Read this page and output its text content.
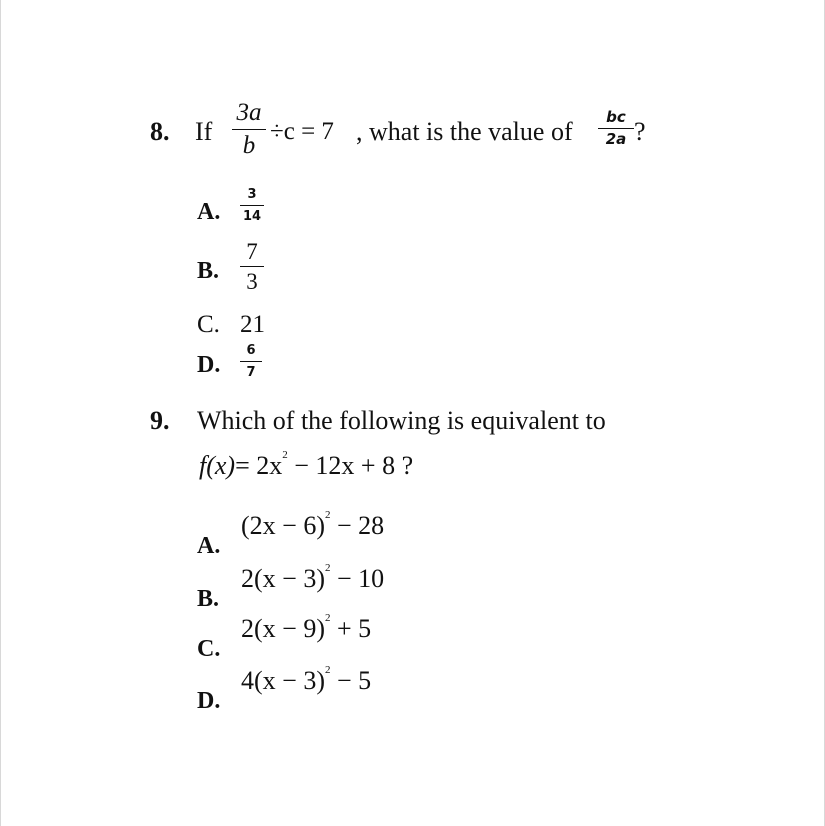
8. If
3a
b
÷c = 7 , what is the value of	bc
2a ?
A.
3
14
B.
7
3
C. 21
D.
6
7
9. Which of the following is equivalent to
$f(x)= 2x^2 - 12x + 8$ ?
A.
$(2x - 6)^2 - 28$
B.
$2(x - 3)^2 - 10$
C.
$2(x - 9)^2 + 5$
D.
$4(x - 3)^2 - 5$
